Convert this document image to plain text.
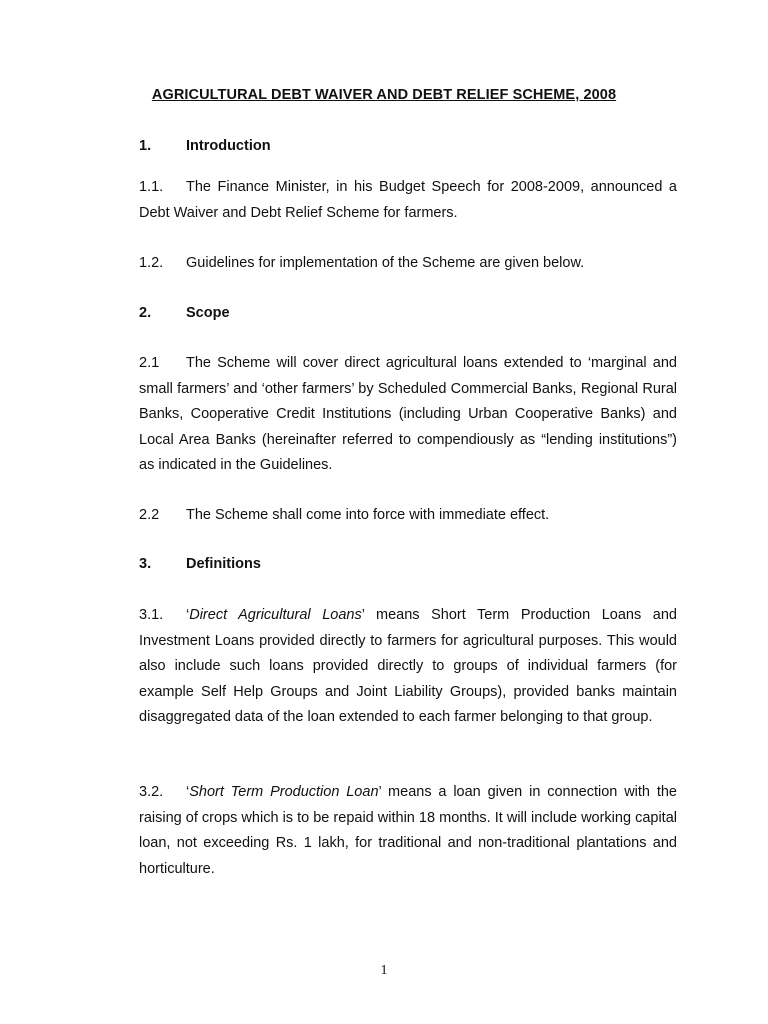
AGRICULTURAL DEBT WAIVER AND DEBT RELIEF SCHEME, 2008
1. Introduction
1.1. The Finance Minister, in his Budget Speech for 2008-2009, announced a Debt Waiver and Debt Relief Scheme for farmers.
1.2. Guidelines for implementation of the Scheme are given below.
2. Scope
2.1 The Scheme will cover direct agricultural loans extended to ‘marginal and small farmers’ and ‘other farmers’ by Scheduled Commercial Banks, Regional Rural Banks, Cooperative Credit Institutions (including Urban Cooperative Banks) and Local Area Banks (hereinafter referred to compendiously as “lending institutions”) as indicated in the Guidelines.
2.2 The Scheme shall come into force with immediate effect.
3. Definitions
3.1. ‘Direct Agricultural Loans’ means Short Term Production Loans and Investment Loans provided directly to farmers for agricultural purposes. This would also include such loans provided directly to groups of individual farmers (for example Self Help Groups and Joint Liability Groups), provided banks maintain disaggregated data of the loan extended to each farmer belonging to that group.
3.2. ‘Short Term Production Loan’ means a loan given in connection with the raising of crops which is to be repaid within 18 months. It will include working capital loan, not exceeding Rs. 1 lakh, for traditional and non-traditional plantations and horticulture.
1
